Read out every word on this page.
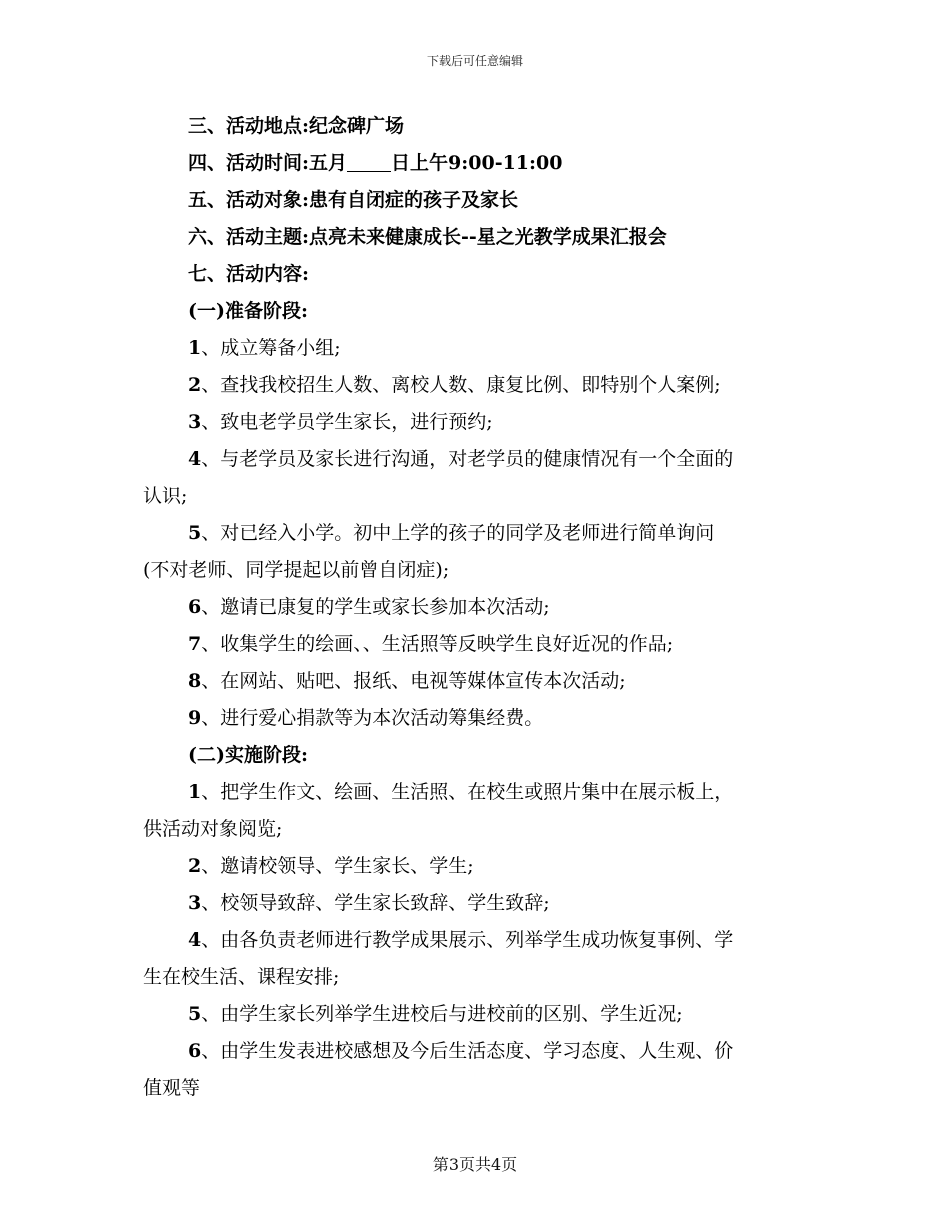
下载后可任意编辑
三、活动地点:纪念碑广场
四、活动时间:五月 日上午9:00-11:00
五、活动对象:患有自闭症的孩子及家长
六、活动主题:点亮未来健康成长--星之光教学成果汇报会
七、活动内容:
(一)准备阶段:
1、成立筹备小组;
2、查找我校招生人数、离校人数、康复比例、即特别个人案例;
3、致电老学员学生家长，进行预约;
4、与老学员及家长进行沟通，对老学员的健康情况有一个全面的
认识;
5、对已经入小学。初中上学的孩子的同学及老师进行简单询问
(不对老师、同学提起以前曾自闭症);
6、邀请已康复的学生或家长参加本次活动;
7、收集学生的绘画、、生活照等反映学生良好近况的作品;
8、在网站、贴吧、报纸、电视等媒体宣传本次活动;
9、进行爱心捐款等为本次活动筹集经费。
(二)实施阶段:
1、把学生作文、绘画、生活照、在校生或照片集中在展示板上，
供活动对象阅览;
2、邀请校领导、学生家长、学生;
3、校领导致辞、学生家长致辞、学生致辞;
4、由各负责老师进行教学成果展示、列举学生成功恢复事例、学
生在校生活、课程安排;
5、由学生家长列举学生进校后与进校前的区别、学生近况;
6、由学生发表进校感想及今后生活态度、学习态度、人生观、价
值观等
第3页共4页
